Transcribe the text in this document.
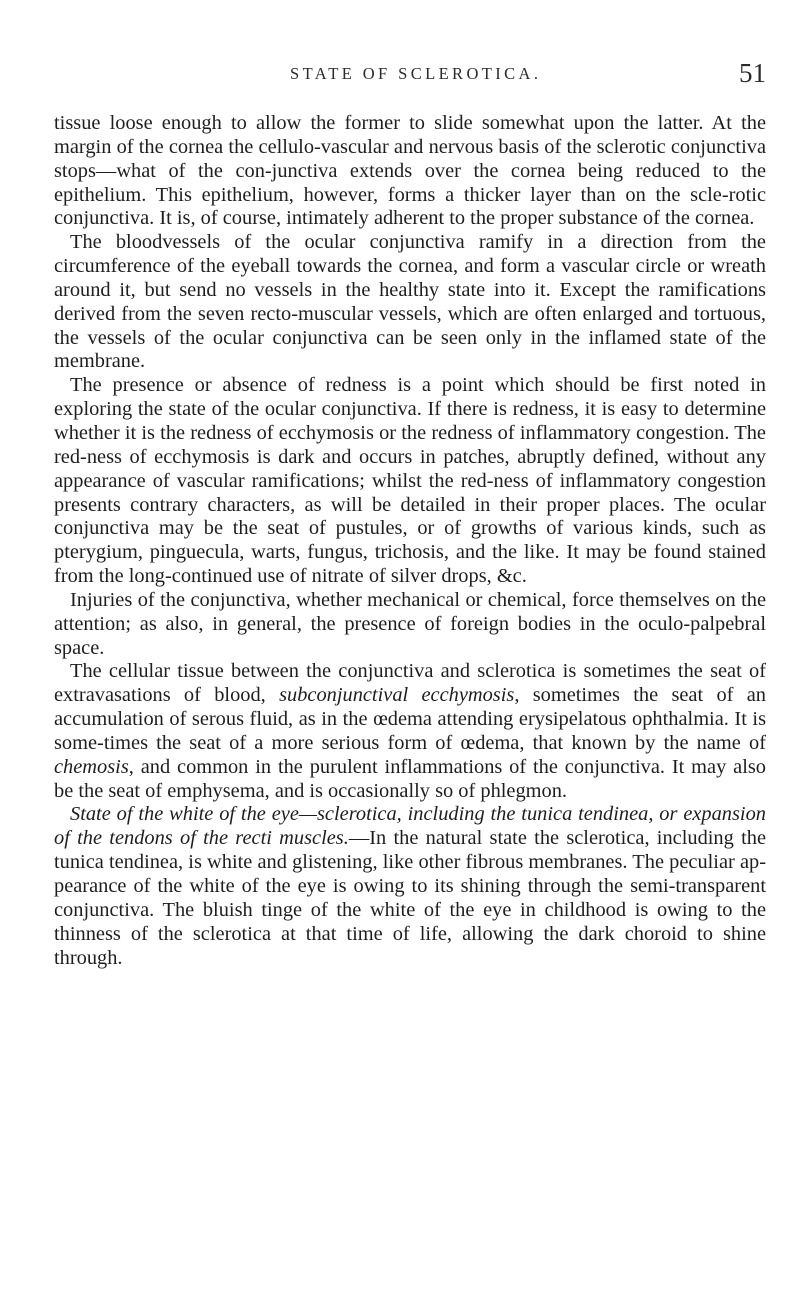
STATE OF SCLEROTICA.	51

tissue loose enough to allow the former to slide somewhat upon the latter. At the margin of the cornea the cellulo-vascular and nervous basis of the sclerotic conjunctiva stops—what of the con-junctiva extends over the cornea being reduced to the epithelium. This epithelium, however, forms a thicker layer than on the scle-rotic conjunctiva. It is, of course, intimately adherent to the proper substance of the cornea.

The bloodvessels of the ocular conjunctiva ramify in a direction from the circumference of the eyeball towards the cornea, and form a vascular circle or wreath around it, but send no vessels in the healthy state into it. Except the ramifications derived from the seven recto-muscular vessels, which are often enlarged and tortuous, the vessels of the ocular conjunctiva can be seen only in the inflamed state of the membrane.

The presence or absence of redness is a point which should be first noted in exploring the state of the ocular conjunctiva. If there is redness, it is easy to determine whether it is the redness of ecchymosis or the redness of inflammatory congestion. The red-ness of ecchymosis is dark and occurs in patches, abruptly defined, without any appearance of vascular ramifications; whilst the red-ness of inflammatory congestion presents contrary characters, as will be detailed in their proper places. The ocular conjunctiva may be the seat of pustules, or of growths of various kinds, such as pterygium, pinguecula, warts, fungus, trichosis, and the like. It may be found stained from the long-continued use of nitrate of silver drops, &c.

Injuries of the conjunctiva, whether mechanical or chemical, force themselves on the attention; as also, in general, the presence of foreign bodies in the oculo-palpebral space.

The cellular tissue between the conjunctiva and sclerotica is sometimes the seat of extravasations of blood, subconjunctival ecchymosis, sometimes the seat of an accumulation of serous fluid, as in the œdema attending erysipelatous ophthalmia. It is some-times the seat of a more serious form of œdema, that known by the name of chemosis, and common in the purulent inflammations of the conjunctiva. It may also be the seat of emphysema, and is occasionally so of phlegmon.

State of the white of the eye—sclerotica, including the tunica tendinea, or expansion of the tendons of the recti muscles.—In the natural state the sclerotica, including the tunica tendinea, is white and glistening, like other fibrous membranes. The peculiar ap-pearance of the white of the eye is owing to its shining through the semi-transparent conjunctiva. The bluish tinge of the white of the eye in childhood is owing to the thinness of the sclerotica at that time of life, allowing the dark choroid to shine through.
